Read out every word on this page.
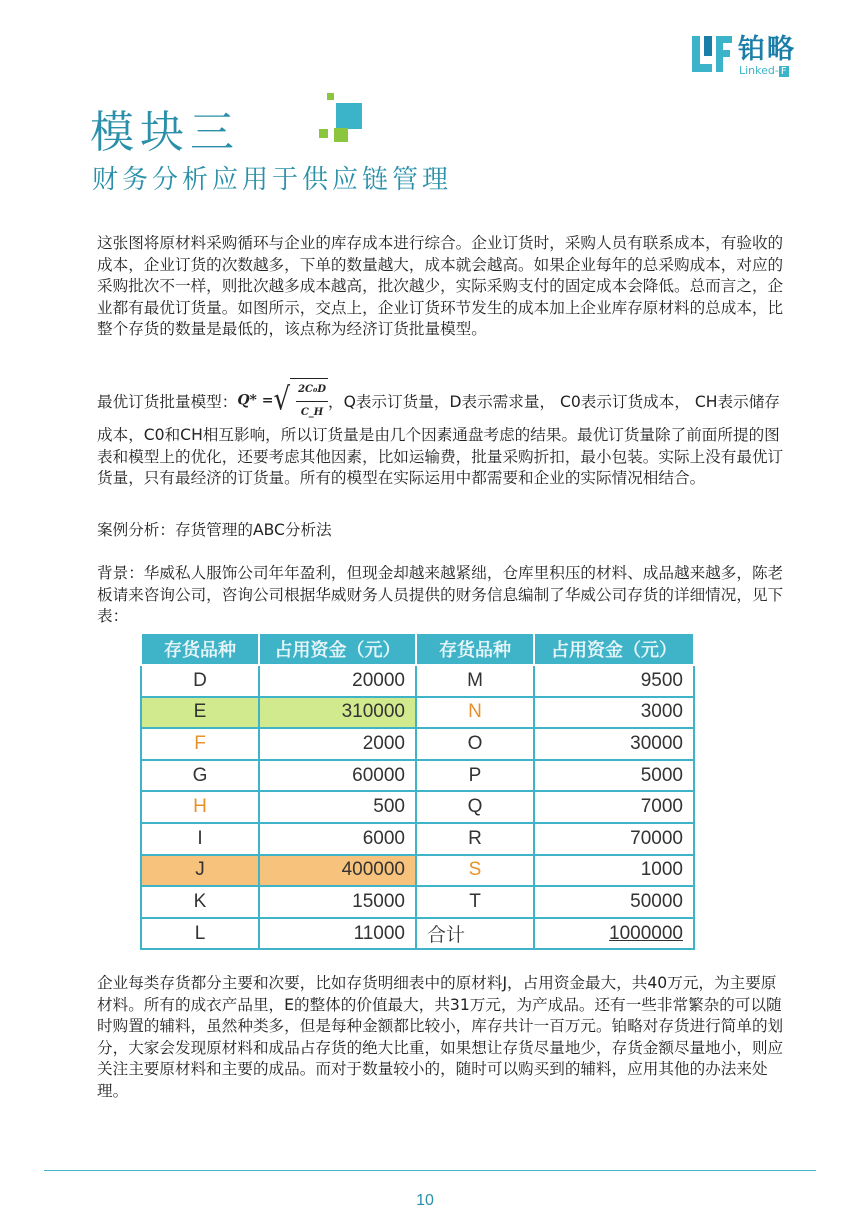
铂略
Linked- F
模块三
财务分析应用于供应链管理
这张图将原材料采购循环与企业的库存成本进行综合。企业订货时，采购人员有联系成本，有验收的成本，企业订货的次数越多，下单的数量越大，成本就会越高。如果企业每年的总采购成本，对应的采购批次不一样，则批次越多成本越高，批次越少，实际采购支付的固定成本会降低。总而言之，企业都有最优订货量。如图所示，交点上，企业订货环节发生的成本加上企业库存原材料的总成本，比整个存货的数量是最低的，该点称为经济订货批量模型。
最优订货批量模型：Q* =√ $\frac{\text{2C₀D}}{C\_H}$ ，Q表示订货量，D表示需求量， C0表示订货成本， CH表示储存成本，C0和CH相互影响，所以订货量是由几个因素通盘考虑的结果。最优订货量除了前面所提的图表和模型上的优化，还要考虑其他因素，比如运输费，批量采购折扣，最小包装。实际上没有最优订货量，只有最经济的订货量。所有的模型在实际运用中都需要和企业的实际情况相结合。
案例分析：存货管理的ABC分析法
背景：华威私人服饰公司年年盈利，但现金却越来越紧绌，仓库里积压的材料、成品越来越多，陈老板请来咨询公司，咨询公司根据华威财务人员提供的财务信息编制了华威公司存货的详细情况，见下表：
存货品种	占用资金（元）	存货品种	占用资金（元）
D	20000	M	9500
E	310000	N	3000
F	2000	O	30000
G	60000	P	5000
H	500	Q	7000
I	6000	R	70000
J	400000	S	1000
K	15000	T	50000
L	11000	合计	1000000
企业每类存货都分主要和次要，比如存货明细表中的原材料J，占用资金最大，共40万元，为主要原材料。所有的成衣产品里，E的整体的价值最大，共31万元，为产成品。还有一些非常繁杂的可以随时购置的辅料，虽然种类多，但是每种金额都比较小，库存共计一百万元。铂略对存货进行简单的划分，大家会发现原材料和成品占存货的绝大比重，如果想让存货尽量地少，存货金额尽量地小，则应关注主要原材料和主要的成品。而对于数量较小的，随时可以购买到的辅料，应用其他的办法来处理。
10
